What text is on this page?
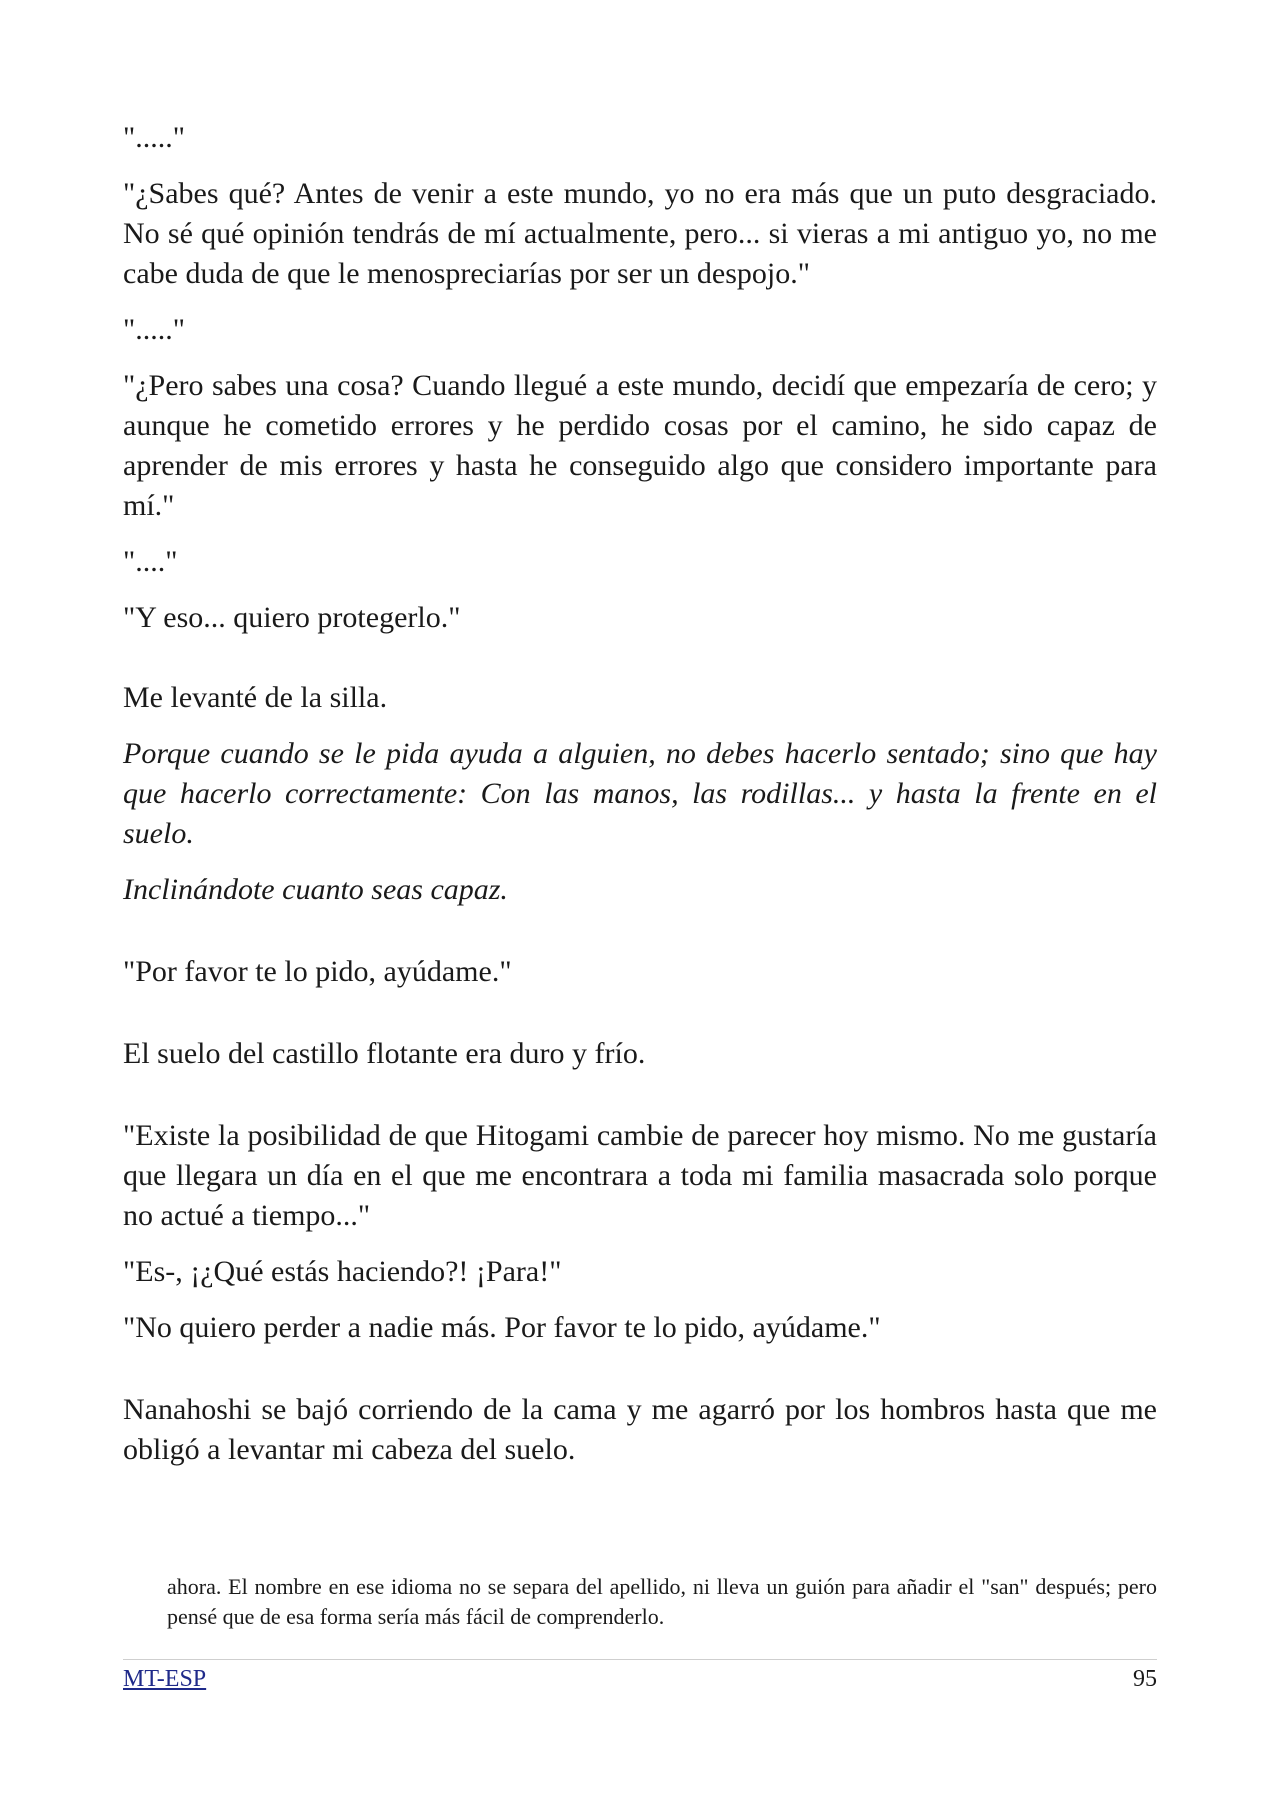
"....."

"¿Sabes qué? Antes de venir a este mundo, yo no era más que un puto desgraciado. No sé qué opinión tendrás de mí actualmente, pero... si vieras a mi antiguo yo, no me cabe duda de que le menospreciarías por ser un despojo."

"....."

"¿Pero sabes una cosa? Cuando llegué a este mundo, decidí que empezaría de cero; y aunque he cometido errores y he perdido cosas por el camino, he sido capaz de aprender de mis errores y hasta he conseguido algo que considero importante para mí."

"...."

"Y eso... quiero protegerlo."

Me levanté de la silla.

Porque cuando se le pida ayuda a alguien, no debes hacerlo sentado; sino que hay que hacerlo correctamente: Con las manos, las rodillas... y hasta la frente en el suelo.

Inclinándote cuanto seas capaz.

"Por favor te lo pido, ayúdame."

El suelo del castillo flotante era duro y frío.

"Existe la posibilidad de que Hitogami cambie de parecer hoy mismo. No me gustaría que llegara un día en el que me encontrara a toda mi familia masacrada solo porque no actué a tiempo..."

"Es-, ¡¿Qué estás haciendo?! ¡Para!"

"No quiero perder a nadie más. Por favor te lo pido, ayúdame."

Nanahoshi se bajó corriendo de la cama y me agarró por los hombros hasta que me obligó a levantar mi cabeza del suelo.

ahora. El nombre en ese idioma no se separa del apellido, ni lleva un guión para añadir el "san" después; pero pensé que de esa forma sería más fácil de comprenderlo.
MT-ESP	95
